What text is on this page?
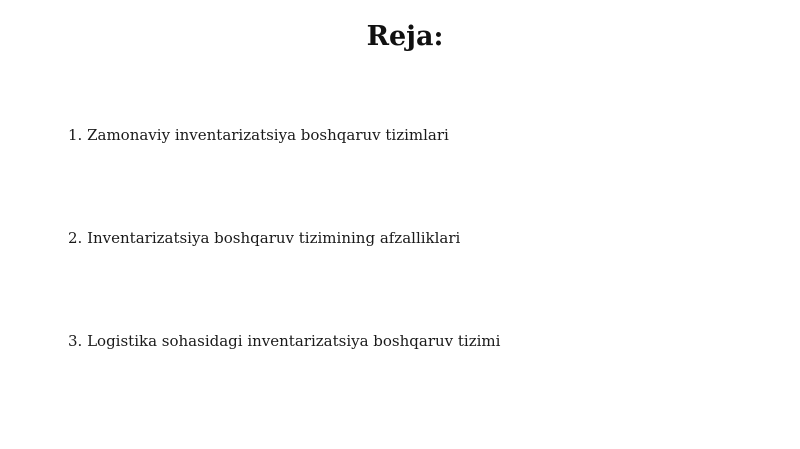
Reja:
1. Zamonaviy inventarizatsiya boshqaruv tizimlari
2. Inventarizatsiya boshqaruv tizimining afzalliklari
3. Logistika sohasidagi inventarizatsiya boshqaruv tizimi
